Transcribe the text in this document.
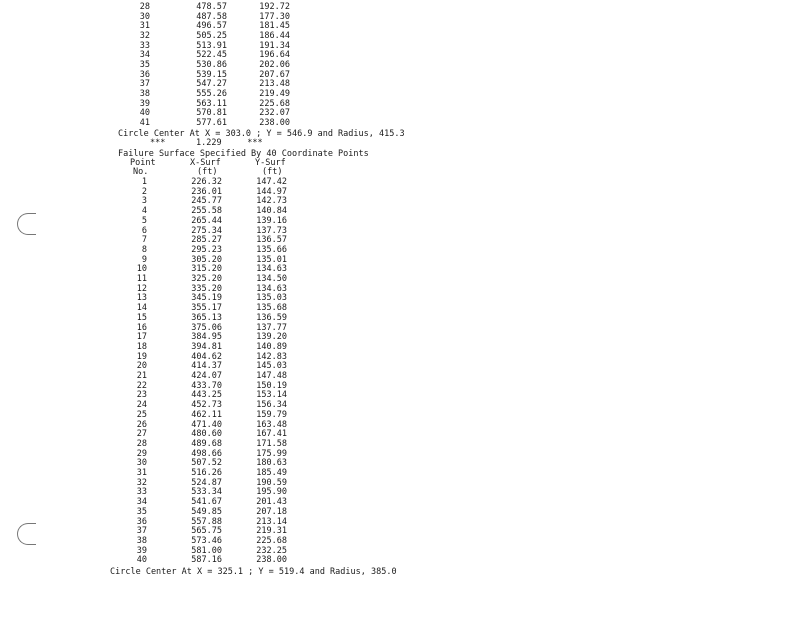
28	478.57	192.72
30	487.58	177.30
31	496.57	181.45
32	505.25	186.44
33	513.91	191.34
34	522.45	196.64
35	530.86	202.06
36	539.15	207.67
37	547.27	213.48
38	555.26	219.49
39	563.11	225.68
40	570.81	232.07
41	577.61	238.00
Circle Center At X = 303.0 ; Y = 546.9 and Radius, 415.3
***      1.229     ***
Failure Surface Specified By 40 Coordinate Points
Point	X-Surf	Y-Surf
No.	(ft)	(ft)
1	226.32	147.42
2	236.01	144.97
3	245.77	142.73
4	255.58	140.84
5	265.44	139.16
6	275.34	137.73
7	285.27	136.57
8	295.23	135.66
9	305.20	135.01
10	315.20	134.63
11	325.20	134.50
12	335.20	134.63
13	345.19	135.03
14	355.17	135.68
15	365.13	136.59
16	375.06	137.77
17	384.95	139.20
18	394.81	140.89
19	404.62	142.83
20	414.37	145.03
21	424.07	147.48
22	433.70	150.19
23	443.25	153.14
24	452.73	156.34
25	462.11	159.79
26	471.40	163.48
27	480.60	167.41
28	489.68	171.58
29	498.66	175.99
30	507.52	180.63
31	516.26	185.49
32	524.87	190.59
33	533.34	195.90
34	541.67	201.43
35	549.85	207.18
36	557.88	213.14
37	565.75	219.31
38	573.46	225.68
39	581.00	232.25
40	587.16	238.00
Circle Center At X = 325.1 ; Y = 519.4 and Radius, 385.0
